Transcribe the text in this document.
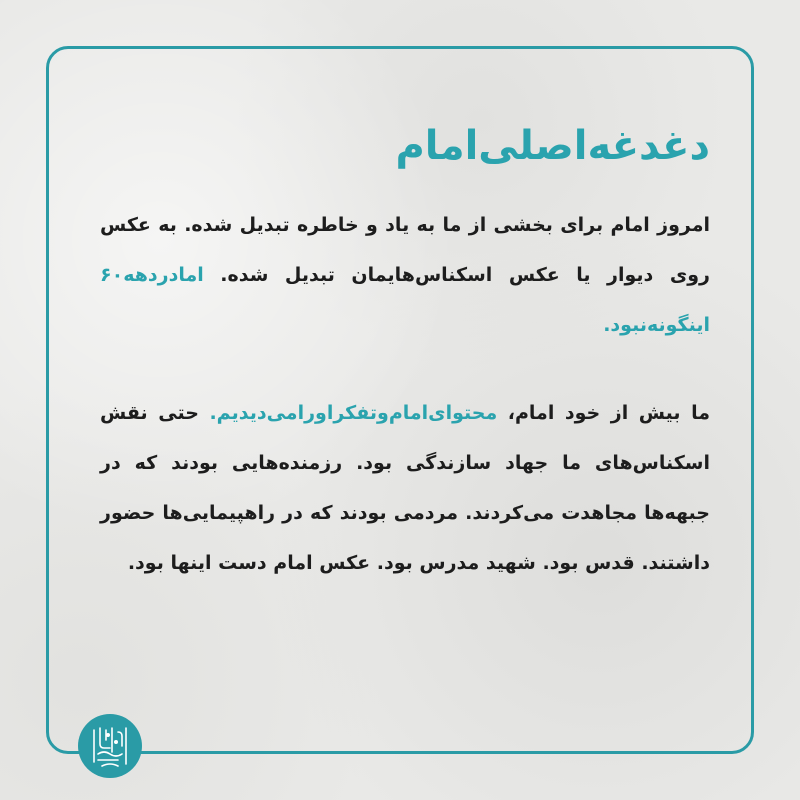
دغدغه‌اصلی‌امام

امروز امام برای بخشی از ما به یاد و خاطره تبدیل شده. به عکس روی دیوار یا عکس اسکناس‌هایمان تبدیل شده. امادردهه۶۰ اینگونه‌نبود.

ما بیش از خود امام، محتوای‌امام‌وتفکراورامی‌دیدیم. حتی نقش اسکناس‌های ما جهاد سازندگی بود. رزمنده‌هایی بودند که در جبهه‌ها مجاهدت می‌کردند. مردمی بودند که در راهپیمایی‌ها حضور داشتند. قدس بود. شهید مدرس بود. عکس امام دست اینها بود.
